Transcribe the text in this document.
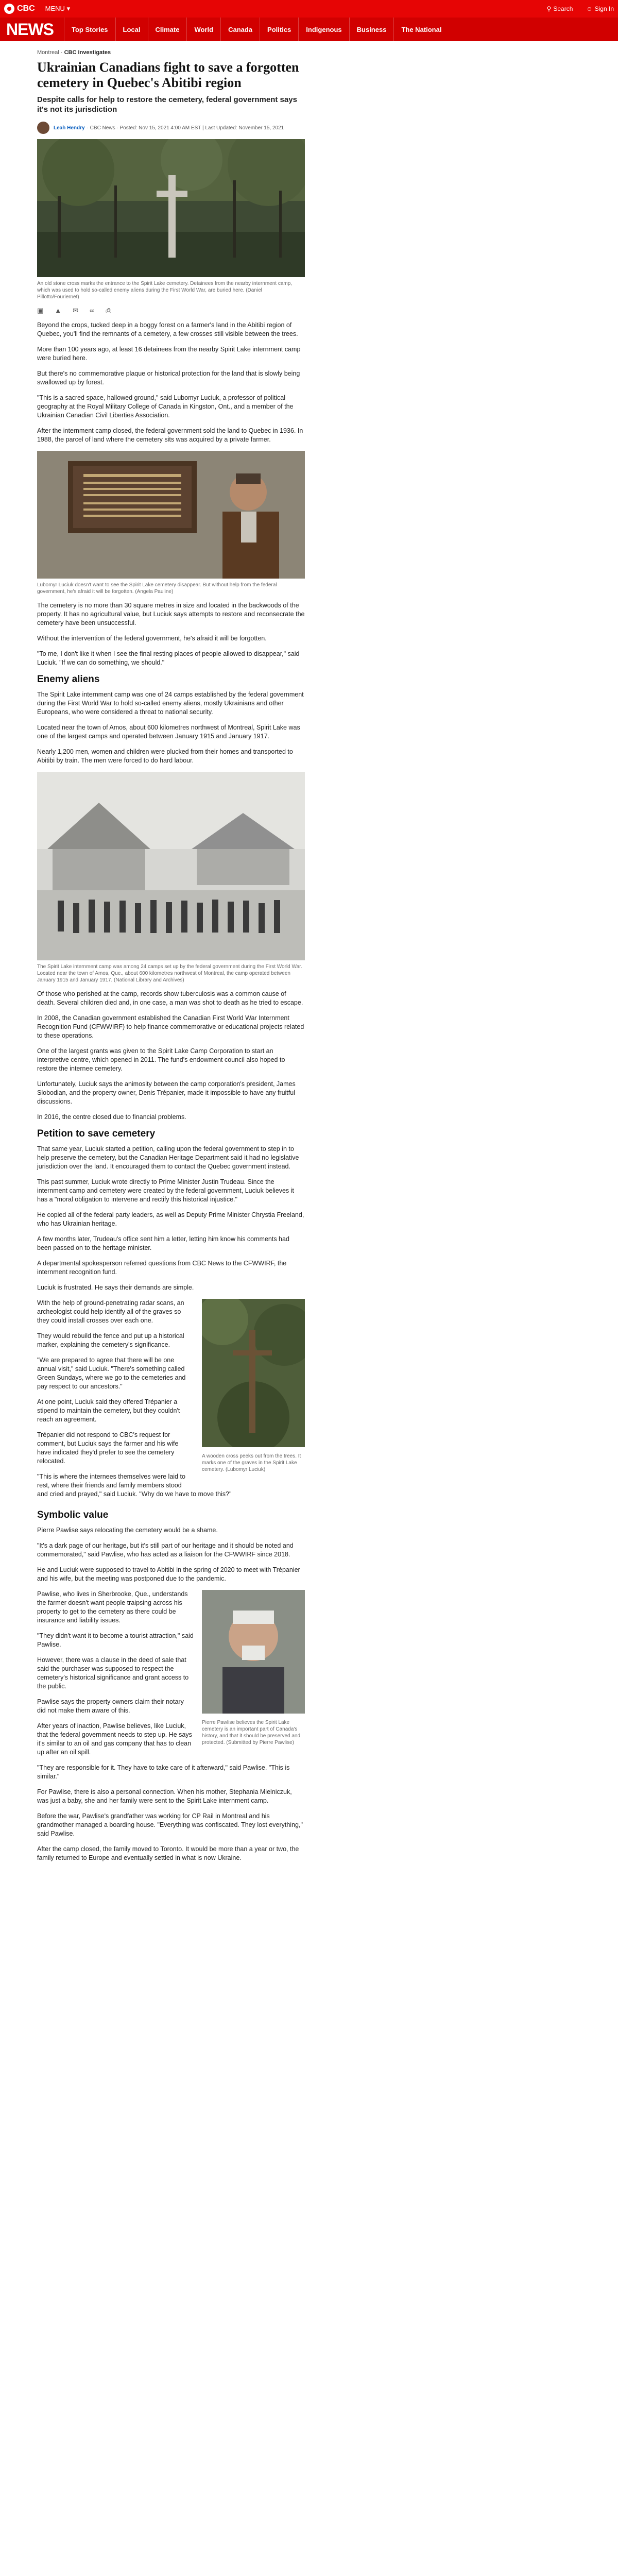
CBC MENU ▾	⚲ Search ☺ Sign In
NEWS	Top Stories	Local	Climate	World	Canada	Politics	Indigenous	Business	The National
Montreal · CBC Investigates
Ukrainian Canadians fight to save a forgotten cemetery in Quebec's Abitibi region
Despite calls for help to restore the cemetery, federal government says it's not its jurisdiction
Leah Hendry · CBC News · Posted: Nov 15, 2021 4:00 AM EST | Last Updated: November 15, 2021
An old stone cross marks the entrance to the Spirit Lake cemetery. Detainees from the nearby internment camp, which was used to hold so-called enemy aliens during the First World War, are buried here. (Daniel Pillotto/Fouriernet)
▣ ▲ ✉ ∞ ⎙

Beyond the crops, tucked deep in a boggy forest on a farmer's land in the Abitibi region of Quebec, you'll find the remnants of a cemetery, a few crosses still visible between the trees.

More than 100 years ago, at least 16 detainees from the nearby Spirit Lake internment camp were buried here.

But there's no commemorative plaque or historical protection for the land that is slowly being swallowed up by forest.

"This is a sacred space, hallowed ground," said Lubomyr Luciuk, a professor of political geography at the Royal Military College of Canada in Kingston, Ont., and a member of the Ukrainian Canadian Civil Liberties Association.

After the internment camp closed, the federal government sold the land to Quebec in 1936. In 1988, the parcel of land where the cemetery sits was acquired by a private farmer.

Lubomyr Luciuk doesn't want to see the Spirit Lake cemetery disappear. But without help from the federal government, he's afraid it will be forgotten. (Angela Pauline)

The cemetery is no more than 30 square metres in size and located in the backwoods of the property. It has no agricultural value, but Luciuk says attempts to restore and reconsecrate the cemetery have been unsuccessful.

Without the intervention of the federal government, he's afraid it will be forgotten.

"To me, I don't like it when I see the final resting places of people allowed to disappear," said Luciuk. "If we can do something, we should."

Enemy aliens

The Spirit Lake internment camp was one of 24 camps established by the federal government during the First World War to hold so-called enemy aliens, mostly Ukrainians and other Europeans, who were considered a threat to national security.

Located near the town of Amos, about 600 kilometres northwest of Montreal, Spirit Lake was one of the largest camps and operated between January 1915 and January 1917.

Nearly 1,200 men, women and children were plucked from their homes and transported to Abitibi by train. The men were forced to do hard labour.

The Spirit Lake internment camp was among 24 camps set up by the federal government during the First World War. Located near the town of Amos, Que., about 600 kilometres northwest of Montreal, the camp operated between January 1915 and January 1917. (National Library and Archives)

Of those who perished at the camp, records show tuberculosis was a common cause of death. Several children died and, in one case, a man was shot to death as he tried to escape.

In 2008, the Canadian government established the Canadian First World War Internment Recognition Fund (CFWWIRF) to help finance commemorative or educational projects related to these operations.

One of the largest grants was given to the Spirit Lake Camp Corporation to start an interpretive centre, which opened in 2011. The fund's endowment council also hoped to restore the internee cemetery.

Unfortunately, Luciuk says the animosity between the camp corporation's president, James Slobodian, and the property owner, Denis Trépanier, made it impossible to have any fruitful discussions.

In 2016, the centre closed due to financial problems.

Petition to save cemetery

That same year, Luciuk started a petition, calling upon the federal government to step in to help preserve the cemetery, but the Canadian Heritage Department said it had no legislative jurisdiction over the land. It encouraged them to contact the Quebec government instead.

This past summer, Luciuk wrote directly to Prime Minister Justin Trudeau. Since the internment camp and cemetery were created by the federal government, Luciuk believes it has a "moral obligation to intervene and rectify this historical injustice."

He copied all of the federal party leaders, as well as Deputy Prime Minister Chrystia Freeland, who has Ukrainian heritage.

A few months later, Trudeau's office sent him a letter, letting him know his comments had been passed on to the heritage minister.

A departmental spokesperson referred questions from CBC News to the CFWWIRF, the internment recognition fund.

Luciuk is frustrated. He says their demands are simple.

A wooden cross peeks out from the trees. It marks one of the graves in the Spirit Lake cemetery. (Lubomyr Luciuk)

With the help of ground-penetrating radar scans, an archeologist could help identify all of the graves so they could install crosses over each one.

They would rebuild the fence and put up a historical marker, explaining the cemetery's significance.

"We are prepared to agree that there will be one annual visit," said Luciuk. "There's something called Green Sundays, where we go to the cemeteries and pay respect to our ancestors."

At one point, Luciuk said they offered Trépanier a stipend to maintain the cemetery, but they couldn't reach an agreement.

Trépanier did not respond to CBC's request for comment, but Luciuk says the farmer and his wife have indicated they'd prefer to see the cemetery relocated.

"This is where the internees themselves were laid to rest, where their friends and family members stood and cried and prayed," said Luciuk. "Why do we have to move this?"

Symbolic value

Pierre Pawlise says relocating the cemetery would be a shame.

"It's a dark page of our heritage, but it's still part of our heritage and it should be noted and commemorated," said Pawlise, who has acted as a liaison for the CFWWIRF since 2018.

He and Luciuk were supposed to travel to Abitibi in the spring of 2020 to meet with Trépanier and his wife, but the meeting was postponed due to the pandemic.

Pierre Pawlise believes the Spirit Lake cemetery is an important part of Canada's history, and that it should be preserved and protected. (Submitted by Pierre Pawlise)

Pawlise, who lives in Sherbrooke, Que., understands the farmer doesn't want people traipsing across his property to get to the cemetery as there could be insurance and liability issues.

"They didn't want it to become a tourist attraction," said Pawlise.

However, there was a clause in the deed of sale that said the purchaser was supposed to respect the cemetery's historical significance and grant access to the public.

Pawlise says the property owners claim their notary did not make them aware of this.

After years of inaction, Pawlise believes, like Luciuk, that the federal government needs to step up. He says it's similar to an oil and gas company that has to clean up after an oil spill.

"They are responsible for it. They have to take care of it afterward," said Pawlise. "This is similar."

For Pawlise, there is also a personal connection. When his mother, Stephania Mielniczuk, was just a baby, she and her family were sent to the Spirit Lake internment camp.

Before the war, Pawlise's grandfather was working for CP Rail in Montreal and his grandmother managed a boarding house. "Everything was confiscated. They lost everything," said Pawlise.

After the camp closed, the family moved to Toronto. It would be more than a year or two, the family returned to Europe and eventually settled in what is now Ukraine.
